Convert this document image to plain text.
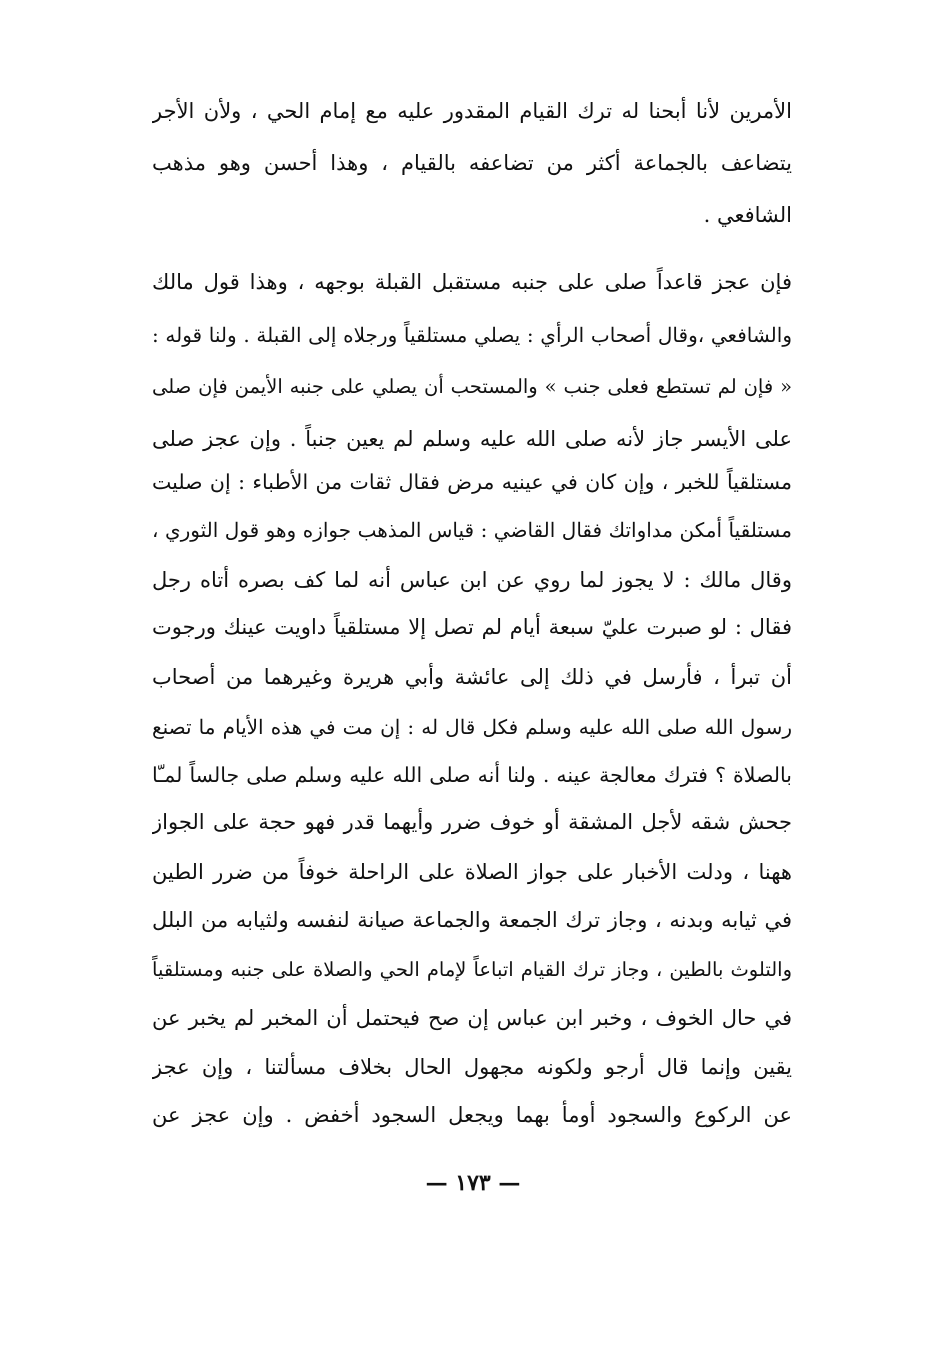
الأمرين لأنا أبحنا له ترك القيام المقدور عليه مع إمام الحي ، ولأن الأجر
يتضاعف بالجماعة أكثر من تضاعفه بالقيام ، وهذا أحسن وهو مذهب
الشافعي .
فإن عجز قاعداً صلى على جنبه مستقبل القبلة بوجهه ، وهذا قول مالك
والشافعي ،وقال أصحاب الرأي : يصلي مستلقياً ورجلاه إلى القبلة . ولنا قوله :
« فإن لم تستطع فعلى جنب » والمستحب أن يصلي على جنبه الأيمن فإن صلى
على الأيسر جاز لأنه صلى الله عليه وسلم لم يعين جنباً . وإن عجز صلى
مستلقياً للخبر ، وإن كان في عينيه مرض فقال ثقات من الأطباء : إن صليت
مستلقياً أمكن مداواتك فقال القاضي : قياس المذهب جوازه وهو قول الثوري ،
وقال مالك : لا يجوز لما روي عن ابن عباس أنه لما كف بصره أتاه رجل
فقال : لو صبرت عليّ سبعة أيام لم تصل إلا مستلقياً داويت عينك ورجوت
أن تبرأ ، فأرسل في ذلك إلى عائشة وأبي هريرة وغيرهما من أصحاب
رسول الله صلى الله عليه وسلم فكل قال له : إن مت في هذه الأيام ما تصنع
بالصلاة ؟ فترك معالجة عينه . ولنا أنه صلى الله عليه وسلم صلى جالساً لمـّا
جحش شقه لأجل المشقة أو خوف ضرر وأيهما قدر فهو حجة على الجواز
ههنا ، ودلت الأخبار على جواز الصلاة على الراحلة خوفاً من ضرر الطين
في ثيابه وبدنه ، وجاز ترك الجمعة والجماعة صيانة لنفسه ولثيابه من البلل
والتلوث بالطين ، وجاز ترك القيام اتباعاً لإمام الحي والصلاة على جنبه ومستلقياً
في حال الخوف ، وخبر ابن عباس إن صح فيحتمل أن المخبر لم يخبر عن
يقين وإنما قال أرجو ولكونه مجهول الحال بخلاف مسألتنا ، وإن عجز
عن الركوع والسجود أومأ بهما ويجعل السجود أخفض . وإن عجز عن
— ١٧٣ —
